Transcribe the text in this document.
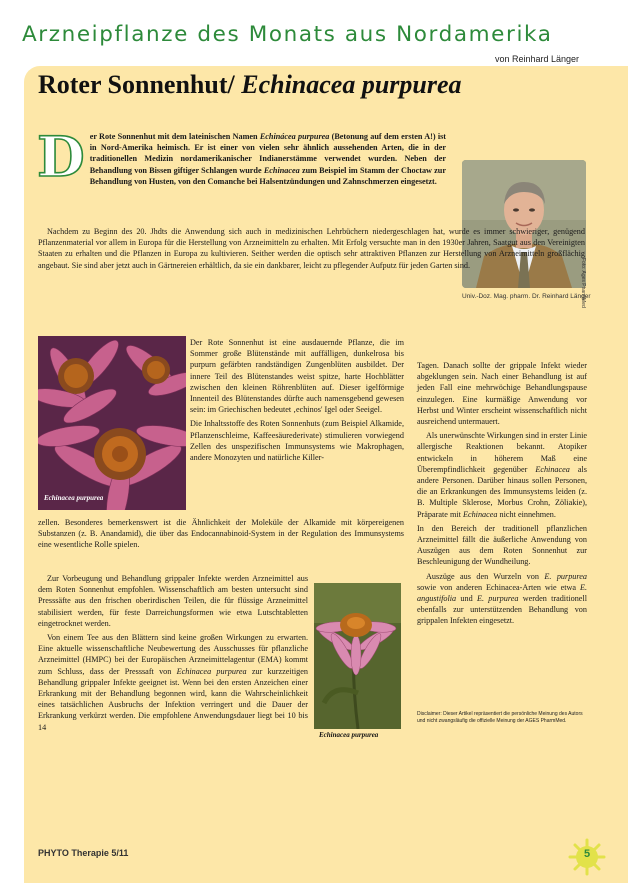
Arzneipflanze des Monats aus Nordamerika
von Reinhard Länger
Roter Sonnenhut/ Echinacea purpurea

Der Rote Sonnenhut mit dem lateinischen Namen Echinácea purpurea (Betonung auf dem ersten A!) ist in Nord-Amerika heimisch. Er ist einer von vielen sehr ähnlich aussehenden Arten, die in der traditionellen Medizin nordamerikanischer Indianerstämme verwendet wurden. Neben der Behandlung von Bissen giftiger Schlangen wurde Echinacea zum Beispiel im Stamm der Choctaw zur Behandlung von Husten, von den Comanche bei Halsentzündungen und Zahnschmerzen eingesetzt.

Foto: Ages PharmMed
Univ.-Doz. Mag. pharm. Dr. Reinhard Länger

Nachdem zu Beginn des 20. Jhdts die Anwendung sich auch in medizinischen Lehrbüchern niedergeschlagen hat, wurde es immer schwieriger, genügend Pflanzenmaterial vor allem in Europa für die Herstellung von Arzneimitteln zu erhalten. Mit Erfolg versuchte man in den 1930er Jahren, Saatgut aus den Vereinigten Staaten zu erhalten und die Pflanzen in Europa zu kultivieren. Seither werden die optisch sehr attraktiven Pflanzen zur Herstellung von Arzneimitteln großflächig angebaut. Sie sind aber jetzt auch in Gärtnereien erhältlich, da sie ein dankbarer, leicht zu pflegender Aufputz für jeden Garten sind.

Echinacea purpurea

Der Rote Sonnenhut ist eine ausdauernde Pflanze, die im Sommer große Blütenstände mit auffälligen, dunkelrosa bis purpurn gefärbten randständigen Zungenblüten ausbildet. Der innere Teil des Blütenstandes weist spitze, harte Hochblätter zwischen den kleinen Röhrenblüten auf. Dieser igelförmige Innenteil des Blütenstandes dürfte auch namensgebend gewesen sein: im Griechischen bedeutet ‚echinos' Igel oder Seeigel.

Die Inhaltsstoffe des Roten Sonnenhuts (zum Beispiel Alkamide, Pflanzenschleime, Kaffeesäurederivate) stimulieren vorwiegend Zellen des unspezifischen Immunsystems wie Makrophagen, andere Monozyten und natürliche Killer-

zellen. Besonderes bemerkenswert ist die Ähnlichkeit der Moleküle der Alkamide mit körpereigenen Substanzen (z. B. Anandamid), die über das Endocannabinoid-System in der Regulation des Immunsystems eine wesentliche Rolle spielen.

Zur Vorbeugung und Behandlung grippaler Infekte werden Arzneimittel aus dem Roten Sonnenhut empfohlen. Wissenschaftlich am besten untersucht sind Presssäfte aus den frischen oberirdischen Teilen, die für flüssige Arzneimittel stabilisiert werden, für feste Darreichungsformen wie etwa Lutschtabletten eingetrocknet werden.

Von einem Tee aus den Blättern sind keine großen Wirkungen zu erwarten. Eine aktuelle wissenschaftliche Neubewertung des Ausschusses für pflanzliche Arzneimittel (HMPC) bei der Europäischen Arzneimittelagentur (EMA) kommt zum Schluss, dass der Presssaft von Echinacea purpurea zur kurzzeitigen Behandlung grippaler Infekte geeignet ist. Wenn bei den ersten Anzeichen einer Erkrankung mit der Behandlung begonnen wird, kann die Wahrscheinlichkeit eines tatsächlichen Ausbruchs der Infektion verringert und die Dauer der Erkrankung verkürzt werden. Die empfohlene Anwendungsdauer liegt bei 10 bis 14

Echinacea purpurea

Tagen. Danach sollte der grippale Infekt wieder abgeklungen sein. Nach einer Behandlung ist auf jeden Fall eine mehrwöchige Behandlungspause einzulegen. Eine kurmäßige Anwendung vor Herbst und Winter erscheint wissenschaftlich nicht ausreichend untermauert.

Als unerwünschte Wirkungen sind in erster Linie allergische Reaktionen bekannt. Atopiker entwickeln in höherem Maß eine Überempfindlichkeit gegenüber Echinacea als andere Personen. Darüber hinaus sollen Personen, die an Erkrankungen des Immunsystems leiden (z. B. Multiple Sklerose, Morbus Crohn, Zöliakie), Präparate mit Echinacea nicht einnehmen.

In den Bereich der traditionell pflanzlichen Arzneimittel fällt die äußerliche Anwendung von Auszügen aus dem Roten Sonnenhut zur Beschleunigung der Wundheilung.

Auszüge aus den Wurzeln von E. purpurea sowie von anderen Echinacea-Arten wie etwa E. angustifolia und E. purpurea werden traditionell ebenfalls zur unterstützenden Behandlung von grippalen Infekten eingesetzt.

Disclaimer: Dieser Artikel repräsentiert die persönliche Meinung des Autors und nicht zwangsläufig die offizielle Meinung der AGES PharmMed.
PHYTO Therapie 5/11	5
